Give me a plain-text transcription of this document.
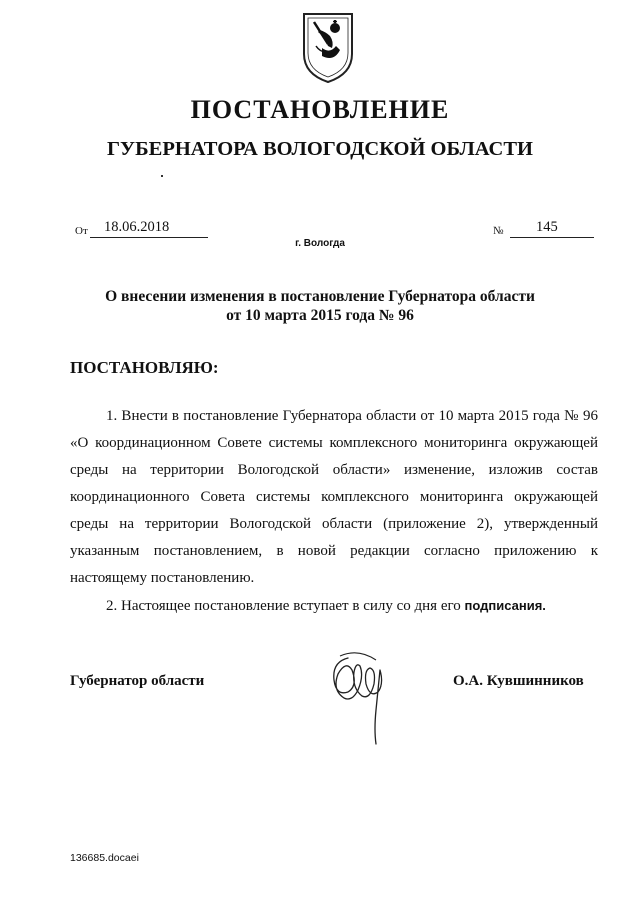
ПОСТАНОВЛЕНИЕ
ГУБЕРНАТОРА ВОЛОГОДСКОЙ ОБЛАСТИ
От	18.06.2018	№	145
г. Вологда
О внесении изменения в постановление Губернатора области
от 10 марта 2015 года № 96
ПОСТАНОВЛЯЮ:

1. Внести в постановление Губернатора области от 10 марта 2015 года № 96 «О координационном Совете системы комплексного мониторинга окружающей среды на территории Вологодской области» изменение, изложив состав координационного Совета системы комплексного мониторинга окружающей среды на территории Вологодской области (приложение 2), утвержденный указанным постановлением, в новой редакции согласно приложению к настоящему постановлению.

2. Настоящее постановление вступает в силу со дня его подписания.

Губернатор области	О.А. Кувшинников
136685.docaei
